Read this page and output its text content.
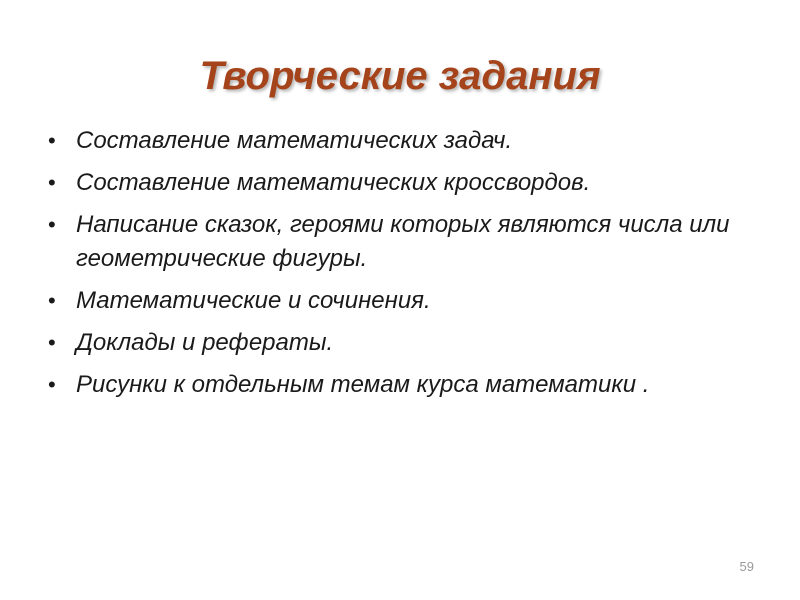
Творческие задания
• Составление математических задач.
• Составление математических кроссвордов.
• Написание сказок, героями которых являются числа или геометрические фигуры.
• Математические и сочинения.
• Доклады и рефераты.
• Рисунки к отдельным темам курса математики .
59
